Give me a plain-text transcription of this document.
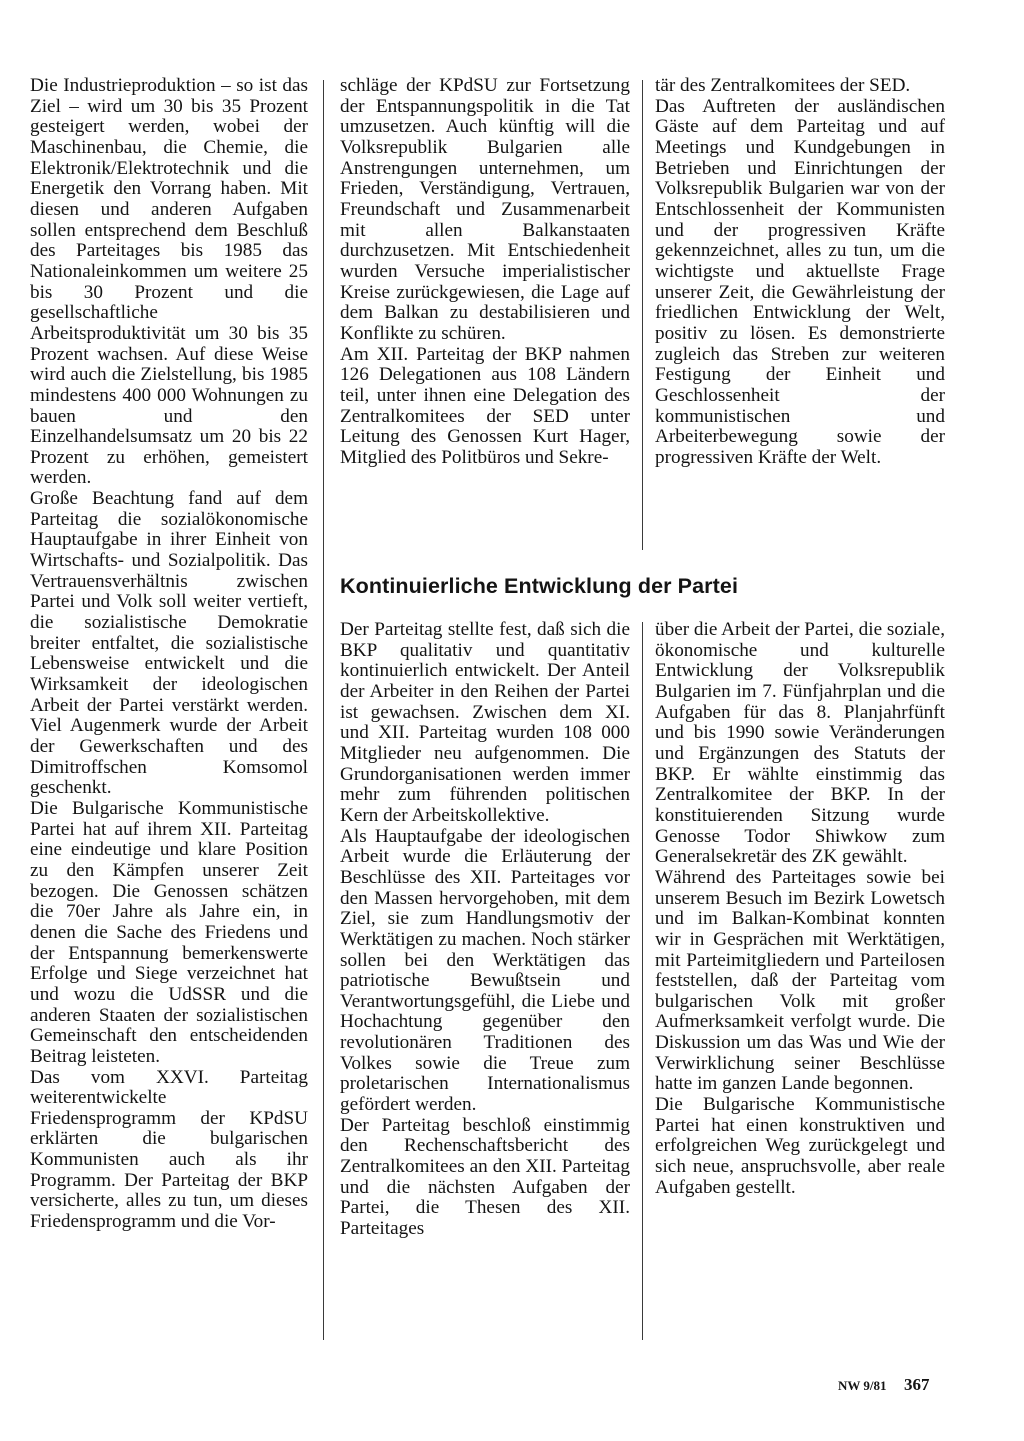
Die Industrieproduktion – so ist das Ziel – wird um 30 bis 35 Prozent gesteigert werden, wobei der Maschinenbau, die Chemie, die Elektronik/Elektrotechnik und die Energetik den Vorrang haben. Mit diesen und anderen Aufgaben sollen entsprechend dem Beschluß des Parteitages bis 1985 das Nationaleinkommen um weitere 25 bis 30 Prozent und die gesellschaftliche Arbeitsproduktivität um 30 bis 35 Prozent wachsen. Auf diese Weise wird auch die Zielstellung, bis 1985 mindestens 400 000 Wohnungen zu bauen und den Einzelhandelsumsatz um 20 bis 22 Prozent zu erhöhen, gemeistert werden.

Große Beachtung fand auf dem Parteitag die sozialökonomische Hauptaufgabe in ihrer Einheit von Wirtschafts- und Sozialpolitik. Das Vertrauensverhältnis zwischen Partei und Volk soll weiter vertieft, die sozialistische Demokratie breiter entfaltet, die sozialistische Lebensweise entwickelt und die Wirksamkeit der ideologischen Arbeit der Partei verstärkt werden. Viel Augenmerk wurde der Arbeit der Gewerkschaften und des Dimitroffschen Komsomol geschenkt.

Die Bulgarische Kommunistische Partei hat auf ihrem XII. Parteitag eine eindeutige und klare Position zu den Kämpfen unserer Zeit bezogen. Die Genossen schätzen die 70er Jahre als Jahre ein, in denen die Sache des Friedens und der Entspannung bemerkenswerte Erfolge und Siege verzeichnet hat und wozu die UdSSR und die anderen Staaten der sozialistischen Gemeinschaft den entscheidenden Beitrag leisteten.

Das vom XXVI. Parteitag weiterentwickelte Friedensprogramm der KPdSU erklärten die bulgarischen Kommunisten auch als ihr Programm. Der Parteitag der BKP versicherte, alles zu tun, um dieses Friedensprogramm und die Vor-

schläge der KPdSU zur Fortsetzung der Entspannungspolitik in die Tat umzusetzen. Auch künftig will die Volksrepublik Bulgarien alle Anstrengungen unternehmen, um Frieden, Verständigung, Vertrauen, Freundschaft und Zusammenarbeit mit allen Balkanstaaten durchzusetzen. Mit Entschiedenheit wurden Versuche imperialistischer Kreise zurückgewiesen, die Lage auf dem Balkan zu destabilisieren und Konflikte zu schüren.

Am XII. Parteitag der BKP nahmen 126 Delegationen aus 108 Ländern teil, unter ihnen eine Delegation des Zentralkomitees der SED unter Leitung des Genossen Kurt Hager, Mitglied des Politbüros und Sekre-

tär des Zentralkomitees der SED.

Das Auftreten der ausländischen Gäste auf dem Parteitag und auf Meetings und Kundgebungen in Betrieben und Einrichtungen der Volksrepublik Bulgarien war von der Entschlossenheit der Kommunisten und der progressiven Kräfte gekennzeichnet, alles zu tun, um die wichtigste und aktuellste Frage unserer Zeit, die Gewährleistung der friedlichen Entwicklung der Welt, positiv zu lösen. Es demonstrierte zugleich das Streben zur weiteren Festigung der Einheit und Geschlossenheit der kommunistischen und Arbeiterbewegung sowie der progressiven Kräfte der Welt.

Kontinuierliche Entwicklung der Partei

Der Parteitag stellte fest, daß sich die BKP qualitativ und quantitativ kontinuierlich entwickelt. Der Anteil der Arbeiter in den Reihen der Partei ist gewachsen. Zwischen dem XI. und XII. Parteitag wurden 108 000 Mitglieder neu aufgenommen. Die Grundorganisationen werden immer mehr zum führenden politischen Kern der Arbeitskollektive.

Als Hauptaufgabe der ideologischen Arbeit wurde die Erläuterung der Beschlüsse des XII. Parteitages vor den Massen hervorgehoben, mit dem Ziel, sie zum Handlungsmotiv der Werktätigen zu machen. Noch stärker sollen bei den Werktätigen das patriotische Bewußtsein und Verantwortungsgefühl, die Liebe und Hochachtung gegenüber den revolutionären Traditionen des Volkes sowie die Treue zum proletarischen Internationalismus gefördert werden.

Der Parteitag beschloß einstimmig den Rechenschaftsbericht des Zentralkomitees an den XII. Parteitag und die nächsten Aufgaben der Partei, die Thesen des XII. Parteitages

über die Arbeit der Partei, die soziale, ökonomische und kulturelle Entwicklung der Volksrepublik Bulgarien im 7. Fünfjahrplan und die Aufgaben für das 8. Planjahrfünft und bis 1990 sowie Veränderungen und Ergänzungen des Statuts der BKP. Er wählte einstimmig das Zentralkomitee der BKP. In der konstituierenden Sitzung wurde Genosse Todor Shiwkow zum Generalsekretär des ZK gewählt.

Während des Parteitages sowie bei unserem Besuch im Bezirk Lowetsch und im Balkan-Kombinat konnten wir in Gesprächen mit Werktätigen, mit Parteimitgliedern und Parteilosen feststellen, daß der Parteitag vom bulgarischen Volk mit großer Aufmerksamkeit verfolgt wurde. Die Diskussion um das Was und Wie der Verwirklichung seiner Beschlüsse hatte im ganzen Lande begonnen.

Die Bulgarische Kommunistische Partei hat einen konstruktiven und erfolgreichen Weg zurückgelegt und sich neue, anspruchsvolle, aber reale Aufgaben gestellt.

NW 9/81 367
